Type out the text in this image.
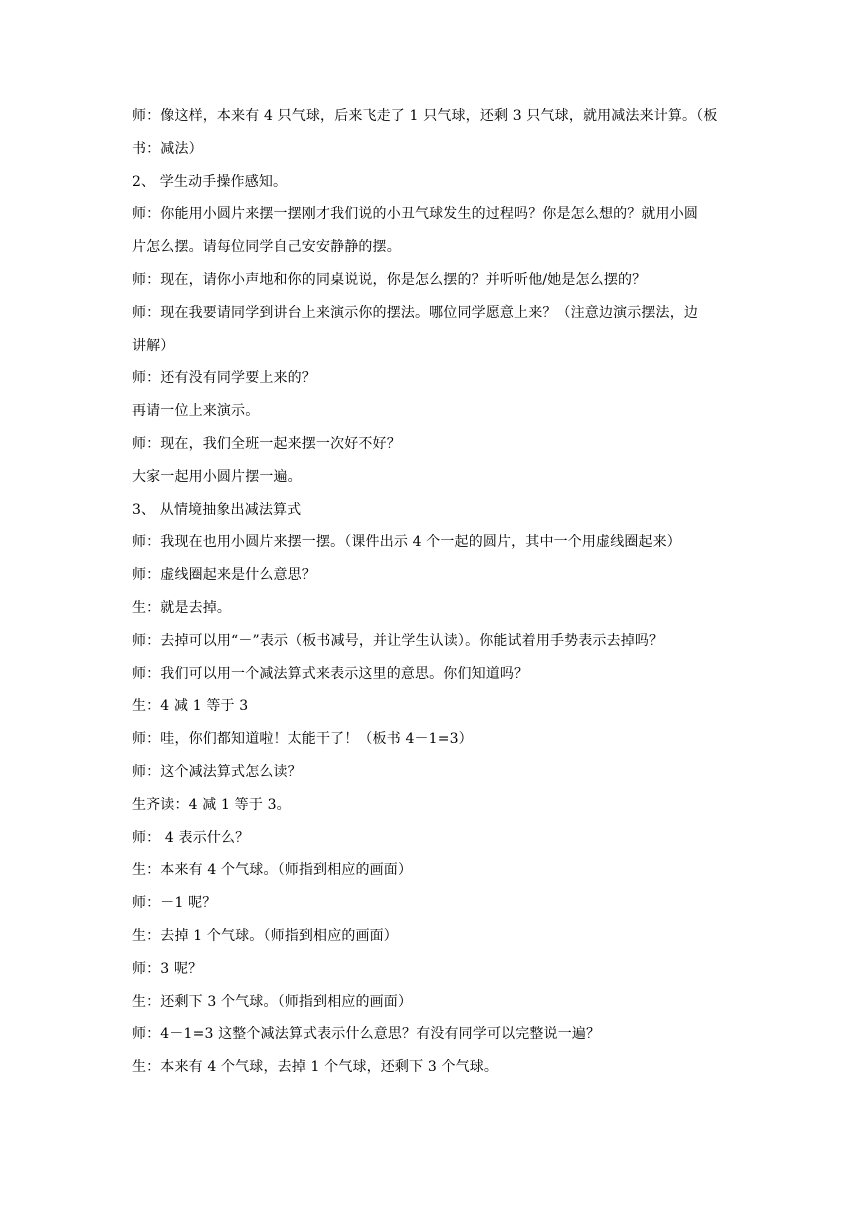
师：像这样，本来有 4 只气球，后来飞走了 1 只气球，还剩 3 只气球，就用减法来计算。（板

书：减法）

2、 学生动手操作感知。

师：你能用小圆片来摆一摆刚才我们说的小丑气球发生的过程吗？你是怎么想的？就用小圆

片怎么摆。请每位同学自己安安静静的摆。

师：现在，请你小声地和你的同桌说说，你是怎么摆的？并听听他/她是怎么摆的？

师：现在我要请同学到讲台上来演示你的摆法。哪位同学愿意上来？（注意边演示摆法，边

讲解）

师：还有没有同学要上来的？

再请一位上来演示。

师：现在，我们全班一起来摆一次好不好？

大家一起用小圆片摆一遍。

3、 从情境抽象出减法算式

师：我现在也用小圆片来摆一摆。（课件出示 4 个一起的圆片，其中一个用虚线圈起来）

师：虚线圈起来是什么意思？

生：就是去掉。

师：去掉可以用“－”表示（板书减号，并让学生认读）。你能试着用手势表示去掉吗？

师：我们可以用一个减法算式来表示这里的意思。你们知道吗？

生：4 减 1 等于 3

师：哇，你们都知道啦！太能干了！（板书 4－1=3）

师：这个减法算式怎么读？

生齐读：4 减 1 等于 3。

师： 4 表示什么？

生：本来有 4 个气球。（师指到相应的画面）

师：－1 呢？

生：去掉 1 个气球。（师指到相应的画面）

师：3 呢？

生：还剩下 3 个气球。（师指到相应的画面）

师：4－1=3 这整个减法算式表示什么意思？有没有同学可以完整说一遍？

生：本来有 4 个气球，去掉 1 个气球，还剩下 3 个气球。
